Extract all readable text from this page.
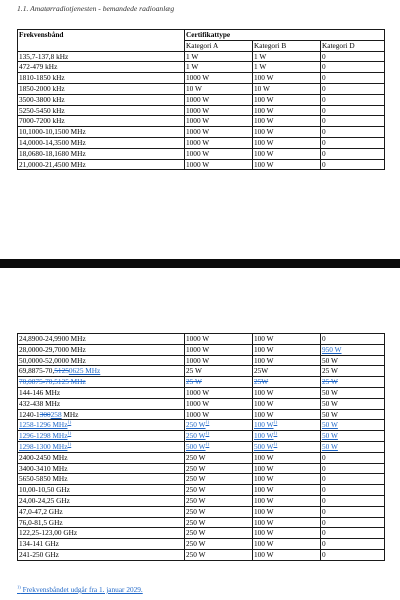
1.1. Amatørradiotjenesten - bemandede radioanlæg
Frekvensbånd	Certifikattype		
	Kategori A	Kategori B	Kategori D
135,7-137,8 kHz	1 W	1 W	0
472-479 kHz	1 W	1 W	0
1810-1850 kHz	1000 W	100 W	0
1850-2000 kHz	10 W	10 W	0
3500-3800 kHz	1000 W	100 W	0
5250-5450 kHz	1000 W	100 W	0
7000-7200 kHz	1000 W	100 W	0
10,1000-10,1500 MHz	1000 W	100 W	0
14,0000-14,3500 MHz	1000 W	100 W	0
18,0680-18,1680 MHz	1000 W	100 W	0
21,0000-21,4500 MHz	1000 W	100 W	0
24,8900-24,9900 MHz	1000 W	100 W	0
28,0000-29,7000 MHz	1000 W	100 W	950 W
50,0000-52,0000 MHz	1000 W	100 W	50 W
69,8875-70,51250625 MHz	25 W	25W	25 W
70,0875-70,5125 MHz	25 W	25W	25 W
144-146 MHz	1000 W	100 W	50 W
432-438 MHz	1000 W	100 W	50 W
1240-1300258 MHz	1000 W	100 W	50 W
1258-1296 MHz$^{1)}$	250 $W^{1)}$	100 $W^{1)}$	50 W
1296-1298 MHz$^{1)}$	250 $W^{1)}$	100 $W^{1)}$	50 W
1298-1300 MHz$^{1)}$	500 $W^{1)}$	500 $W^{1)}$	50 W
2400-2450 MHz	250 W	100 W	0
3400-3410 MHz	250 W	100 W	0
5650-5850 MHz	250 W	100 W	0
10,00-10,50 GHz	250 W	100 W	0
24,00-24,25 GHz	250 W	100 W	0
47,0-47,2 GHz	250 W	100 W	0
76,0-81,5 GHz	250 W	100 W	0
122,25-123,00 GHz	250 W	100 W	0
134-141 GHz	250 W	100 W	0
241-250 GHz	250 W	100 W	0
$^{1)}$ Frekvensbåndet udgår fra 1. januar 2029.
